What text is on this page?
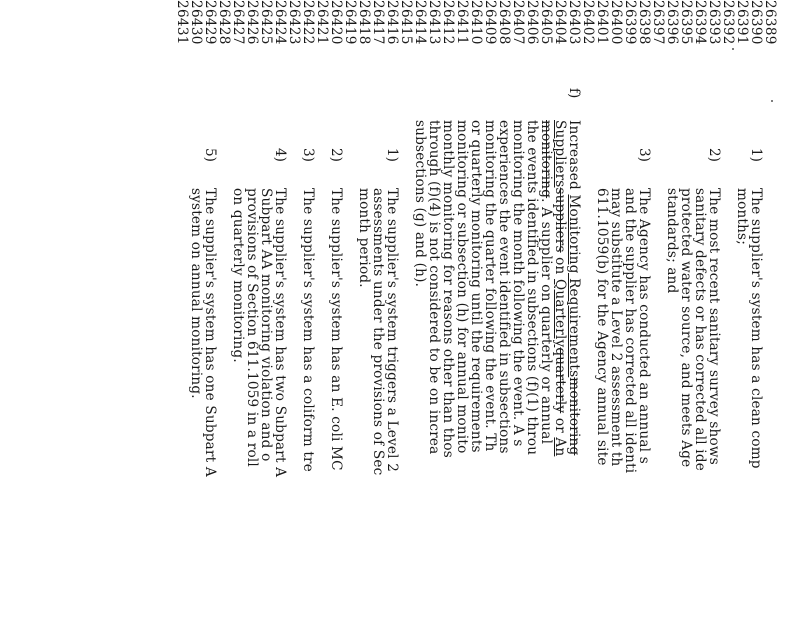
26389
26390
26391
26392
26393
26394
26395
26396
26397
26398
26399
26400
26401
26402
26403
26404
26405
26406
26407
26408
26409
26410
26411
26412
26413
26414
26415
26416
26417
26418
26419
26420
26421
26422
26423
26424
26425
26426
26427
26428
26429
26430
26431
1)
The supplier's system has a clean comp
months;
2)
The most recent sanitary survey shows
sanitary defects or has corrected all ide
protected water source, and meets Age
standards; and
3)
The Agency has conducted an annual s
and the supplier has corrected all identi
may substitute a Level 2 assessment th
611.1059(b) for the Agency annual site
f)
Increased Monitoring Requirementsmonitoring
Supplierssuppliers on Quarterlyquarterly or An
monitoring. A supplier on quarterly or annual
the events identified in subsections (f)(1) throu
monitoring the month following the event. A s
experiences the event identified in subsections
monitoring the quarter following the event. Th
or quarterly monitoring until the requirements
monitoring or subsection (h) for annual monito
monthly monitoring for reasons other than thos
through (f)(4) is not considered to be on increa
subsections (g) and (h).
1)
The supplier's system triggers a Level 2
assessments under the provisions of Sec
month period.
2)
The supplier's system has an E. coli MC
3)
The supplier's system has a coliform tre
4)
The supplier's system has two Subpart A
Subpart AA monitoring violation and o
provisions of Section 611.1059 in a roll
on quarterly monitoring.
5)
The supplier's system has one Subpart A
system on annual monitoring.
